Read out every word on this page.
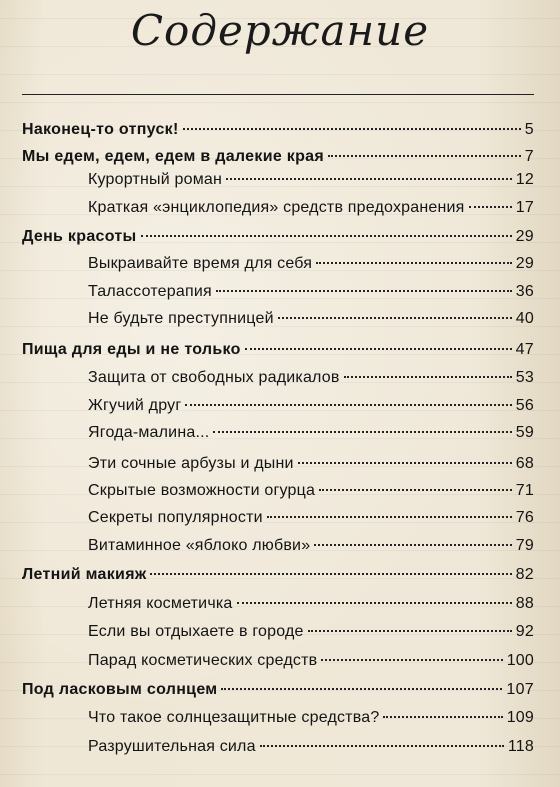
Содержание
Наконец-то отпуск!	5
Мы едем, едем, едем в далекие края	7
Курортный роман	12
Краткая «энциклопедия» средств предохранения	17
День красоты	29
Выкраивайте время для себя	29
Талассотерапия	36
Не будьте преступницей	40
Пища для еды и не только	47
Защита от свободных радикалов	53
Жгучий друг	56
Ягода-малина...	59
Эти сочные арбузы и дыни	68
Скрытые возможности огурца	71
Секреты популярности	76
Витаминное «яблоко любви»	79
Летний макияж	82
Летняя косметичка	88
Если вы отдыхаете в городе	92
Парад косметических средств	100
Под ласковым солнцем	107
Что такое солнцезащитные средства?	109
Разрушительная сила	118
